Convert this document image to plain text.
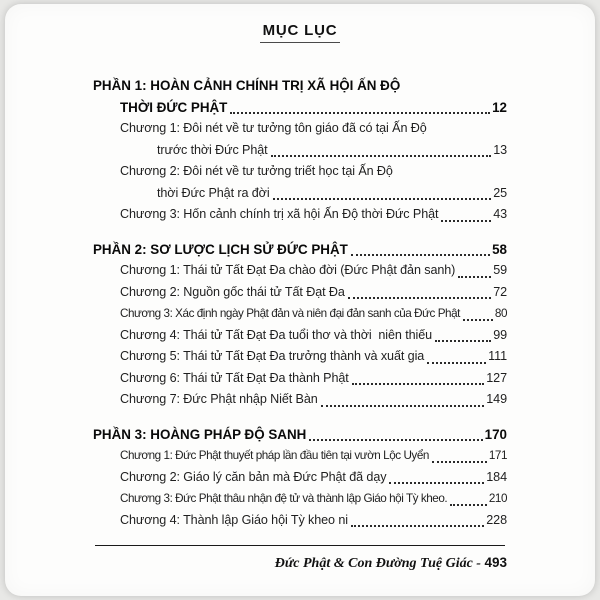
MỤC LỤC
PHẦN 1: HOÀN CẢNH CHÍNH TRỊ XÃ HỘI ẤN ĐỘ
THỜI ĐỨC PHẬT	12
Chương 1: Đôi nét về tư tưởng tôn giáo đã có tại Ấn Độ
trước thời Đức Phật	13
Chương 2: Đôi nét về tư tưởng triết học tại Ấn Độ
thời Đức Phật ra đời	25
Chương 3: Hốn cảnh chính trị xã hội Ấn Độ thời Đức Phật	43
PHẦN 2: SƠ LƯỢC LỊCH SỬ ĐỨC PHẬT	58
Chương 1: Thái tử Tất Đạt Đa chào đời (Đức Phật đản sanh)	59
Chương 2: Nguồn gốc thái tử Tất Đạt Đa	72
Chương 3: Xác định ngày Phật đản và niên đại đản sanh của Đức Phật	80
Chương 4: Thái tử Tất Đạt Đa tuổi thơ và thời  niên thiếu	99
Chương 5: Thái tử Tất Đạt Đa trưởng thành và xuất gia	111
Chương 6: Thái tử Tất Đạt Đa thành Phật	127
Chương 7: Đức Phật nhập Niết Bàn	149
PHẦN 3: HOÀNG PHÁP ĐỘ SANH	170
Chương 1: Đức Phật thuyết pháp lần đầu tiên tại vườn Lộc Uyển	171
Chương 2: Giáo lý căn bản mà Đức Phật đã dạy	184
Chương 3: Đức Phật thâu nhận đệ tử và thành lập Giáo hội Tỳ kheo.	210
Chương 4: Thành lập Giáo hội Tỳ kheo ni	228
Đức Phật & Con Đường Tuệ Giác - 493
